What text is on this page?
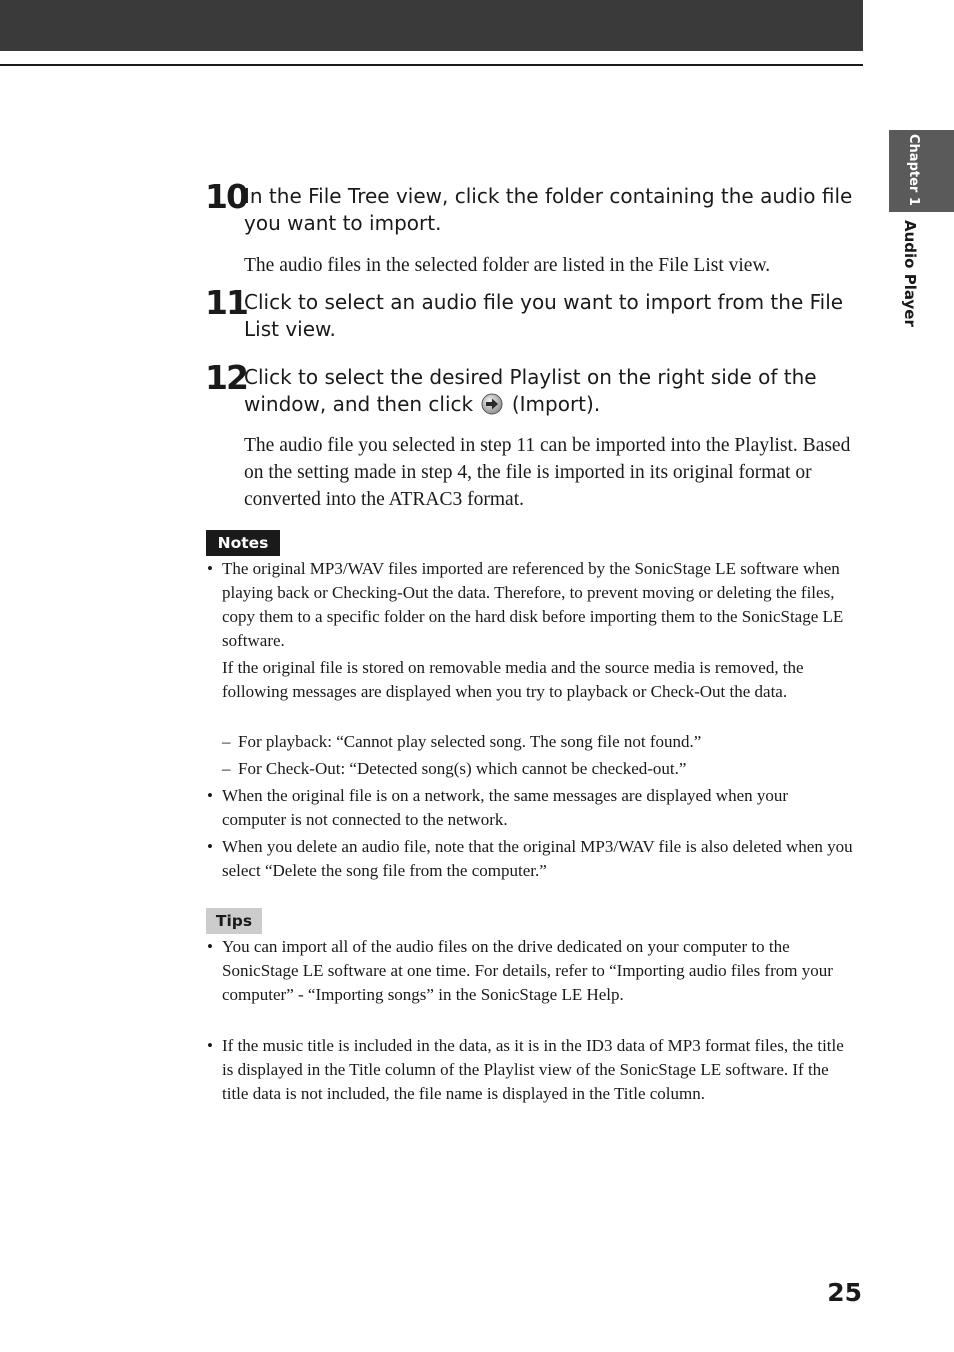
Chapter 1
Audio Player
10
In the File Tree view, click the folder containing the audio file you want to import.
The audio files in the selected folder are listed in the File List view.
11
Click to select an audio file you want to import from the File List view.
12
Click to select the desired Playlist on the right side of the window, and then click (Import).
The audio file you selected in step 11 can be imported into the Playlist. Based on the setting made in step 4, the file is imported in its original format or converted into the ATRAC3 format.
Notes
• The original MP3/WAV files imported are referenced by the SonicStage LE software when playing back or Checking-Out the data. Therefore, to prevent moving or deleting the files, copy them to a specific folder on the hard disk before importing them to the SonicStage LE software.
If the original file is stored on removable media and the source media is removed, the following messages are displayed when you try to playback or Check-Out the data.
– For playback: “Cannot play selected song. The song file not found.”
– For Check-Out: “Detected song(s) which cannot be checked-out.”
• When the original file is on a network, the same messages are displayed when your computer is not connected to the network.
• When you delete an audio file, note that the original MP3/WAV file is also deleted when you select “Delete the song file from the computer.”
Tips
• You can import all of the audio files on the drive dedicated on your computer to the SonicStage LE software at one time. For details, refer to “Importing audio files from your computer” - “Importing songs” in the SonicStage LE Help.
• If the music title is included in the data, as it is in the ID3 data of MP3 format files, the title is displayed in the Title column of the Playlist view of the SonicStage LE software. If the title data is not included, the file name is displayed in the Title column.
25
